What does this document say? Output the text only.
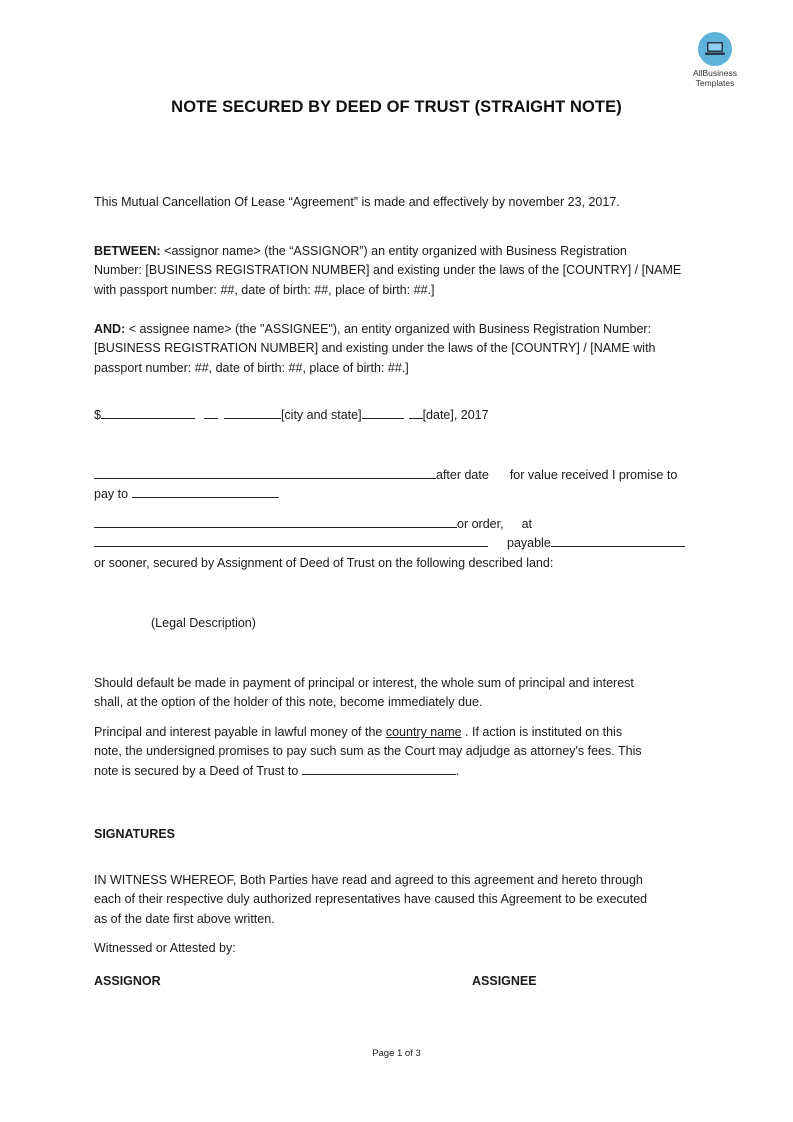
AllBusiness
Templates
NOTE SECURED BY DEED OF TRUST (STRAIGHT NOTE)
This Mutual Cancellation Of Lease “Agreement” is made and effectively by november 23, 2017.
BETWEEN: <assignor name> (the “ASSIGNOR”) an entity organized with Business Registration
Number: [BUSINESS REGISTRATION NUMBER] and existing under the laws of the [COUNTRY] / [NAME
with passport number: ##, date of birth: ##, place of birth: ##.]
AND: < assignee name> (the "ASSIGNEE"), an entity organized with Business Registration Number:
[BUSINESS REGISTRATION NUMBER] and existing under the laws of the [COUNTRY] / [NAME with
passport number: ##, date of birth: ##, place of birth: ##.]
$	[city and state]	[date], 2017
after date for value received I promise to
pay to
or order, at
payable
or sooner, secured by Assignment of Deed of Trust on the following described land:
(Legal Description)
Should default be made in payment of principal or interest, the whole sum of principal and interest
shall, at the option of the holder of this note, become immediately due.
Principal and interest payable in lawful money of the country name . If action is instituted on this
note, the undersigned promises to pay such sum as the Court may adjudge as attorney's fees. This
note is secured by a Deed of Trust to	.
SIGNATURES
IN WITNESS WHEREOF, Both Parties have read and agreed to this agreement and hereto through
each of their respective duly authorized representatives have caused this Agreement to be executed
as of the date first above written.
Witnessed or Attested by:
ASSIGNOR	ASSIGNEE
Page 1 of 3
